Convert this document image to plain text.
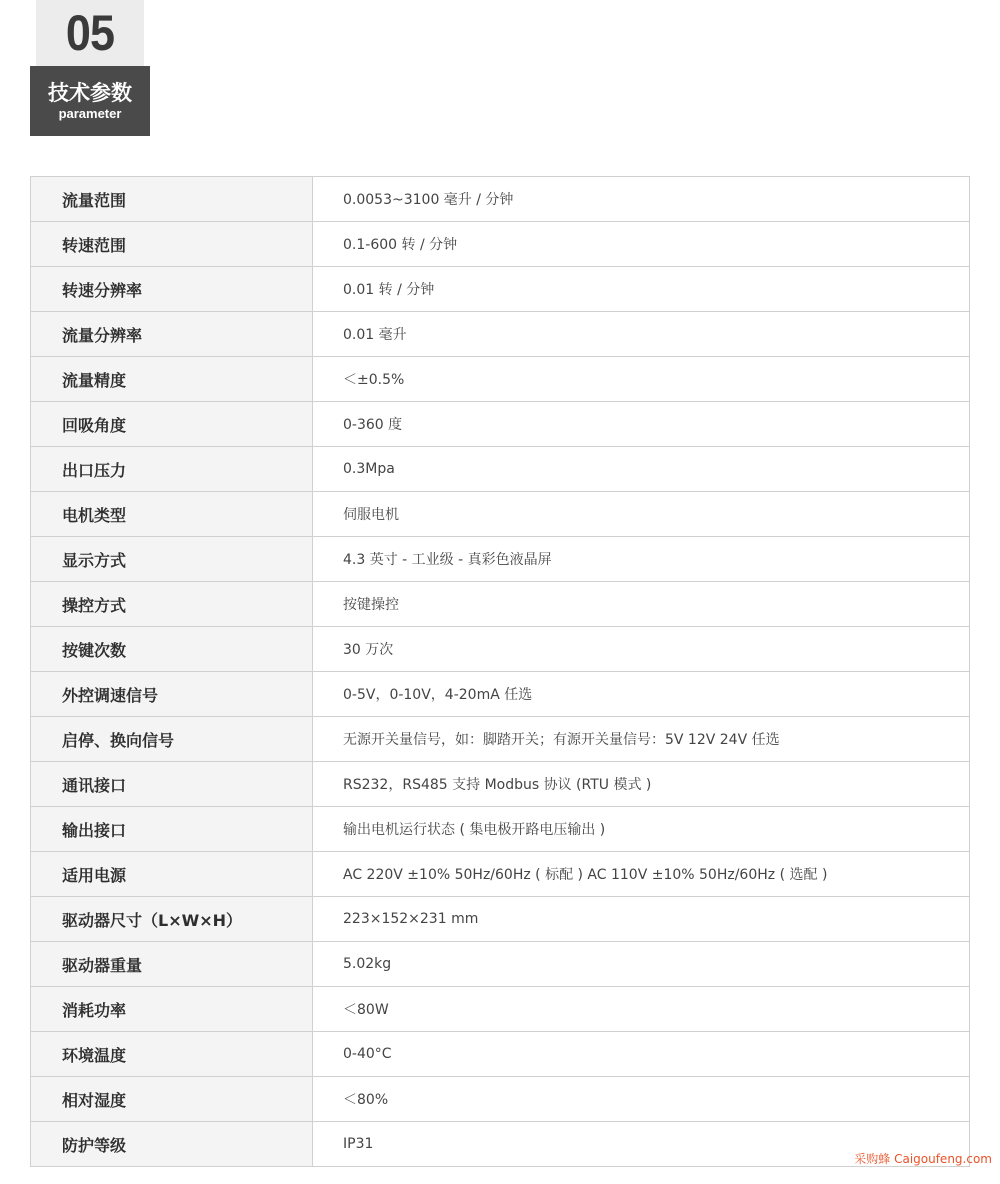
05
技术参数
parameter
流量范围	0.0053~3100 毫升 / 分钟
转速范围	0.1-600 转 / 分钟
转速分辨率	0.01 转 / 分钟
流量分辨率	0.01 毫升
流量精度	＜±0.5%
回吸角度	0-360 度
出口压力	0.3Mpa
电机类型	伺服电机
显示方式	4.3 英寸 - 工业级 - 真彩色液晶屏
操控方式	按键操控
按键次数	30 万次
外控调速信号	0-5V，0-10V，4-20mA 任选
启停、换向信号	无源开关量信号，如：脚踏开关；有源开关量信号：5V 12V 24V 任选
通讯接口	RS232，RS485 支持 Modbus 协议 (RTU 模式 )
输出接口	输出电机运行状态 ( 集电极开路电压输出 )
适用电源	AC 220V ±10% 50Hz/60Hz ( 标配 ) AC 110V ±10% 50Hz/60Hz ( 选配 )
驱动器尺寸（L×W×H）	223×152×231 mm
驱动器重量	5.02kg
消耗功率	＜80W
环境温度	0-40°C
相对湿度	＜80%
防护等级	IP31
采购蜂 Caigoufeng.com
